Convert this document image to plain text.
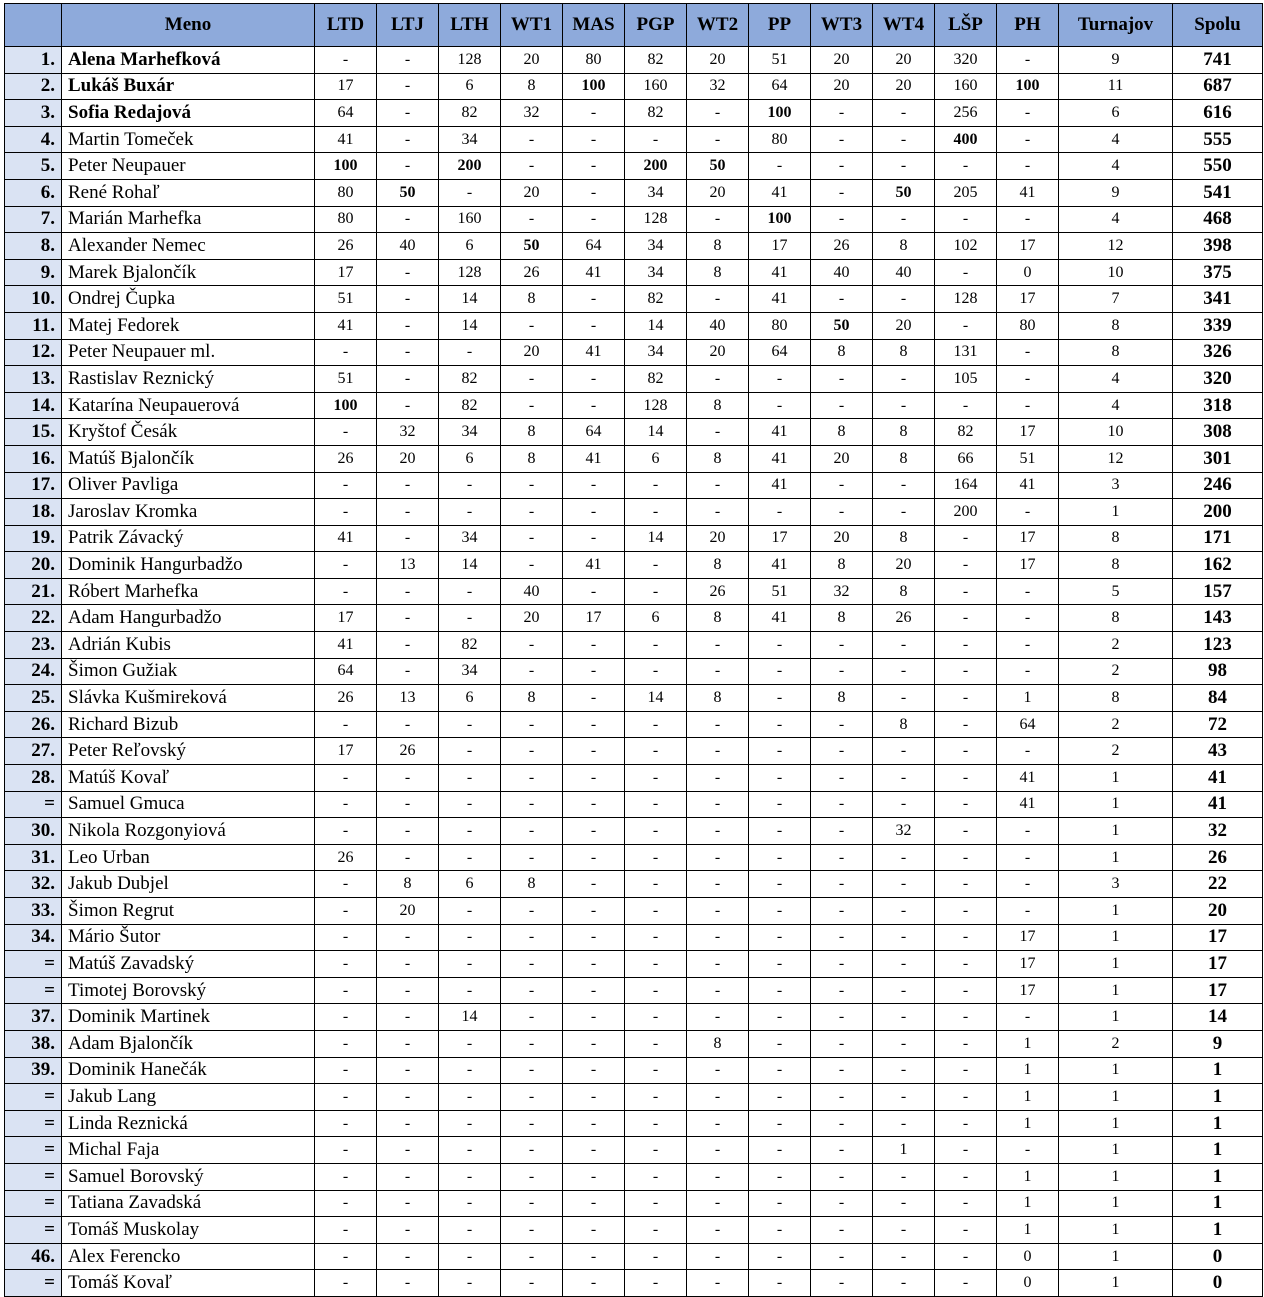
	Meno	LTD	LTJ	LTH	WT1	MAS	PGP	WT2	PP	WT3	WT4	LŠP	PH	Turnajov	Spolu
1.	Alena Marhefková	-	-	128	20	80	82	20	51	20	20	320	-	9	741
2.	Lukáš Buxár	17	-	6	8	100	160	32	64	20	20	160	100	11	687
3.	Sofia Redajová	64	-	82	32	-	82	-	100	-	-	256	-	6	616
4.	Martin Tomeček	41	-	34	-	-	-	-	80	-	-	400	-	4	555
5.	Peter Neupauer	100	-	200	-	-	200	50	-	-	-	-	-	4	550
6.	René Rohaľ	80	50	-	20	-	34	20	41	-	50	205	41	9	541
7.	Marián Marhefka	80	-	160	-	-	128	-	100	-	-	-	-	4	468
8.	Alexander Nemec	26	40	6	50	64	34	8	17	26	8	102	17	12	398
9.	Marek Bjalončík	17	-	128	26	41	34	8	41	40	40	-	0	10	375
10.	Ondrej Čupka	51	-	14	8	-	82	-	41	-	-	128	17	7	341
11.	Matej Fedorek	41	-	14	-	-	14	40	80	50	20	-	80	8	339
12.	Peter Neupauer ml.	-	-	-	20	41	34	20	64	8	8	131	-	8	326
13.	Rastislav Reznický	51	-	82	-	-	82	-	-	-	-	105	-	4	320
14.	Katarína Neupauerová	100	-	82	-	-	128	8	-	-	-	-	-	4	318
15.	Kryštof Česák	-	32	34	8	64	14	-	41	8	8	82	17	10	308
16.	Matúš Bjalončík	26	20	6	8	41	6	8	41	20	8	66	51	12	301
17.	Oliver Pavliga	-	-	-	-	-	-	-	41	-	-	164	41	3	246
18.	Jaroslav Kromka	-	-	-	-	-	-	-	-	-	-	200	-	1	200
19.	Patrik Závacký	41	-	34	-	-	14	20	17	20	8	-	17	8	171
20.	Dominik Hangurbadžo	-	13	14	-	41	-	8	41	8	20	-	17	8	162
21.	Róbert Marhefka	-	-	-	40	-	-	26	51	32	8	-	-	5	157
22.	Adam Hangurbadžo	17	-	-	20	17	6	8	41	8	26	-	-	8	143
23.	Adrián Kubis	41	-	82	-	-	-	-	-	-	-	-	-	2	123
24.	Šimon Gužiak	64	-	34	-	-	-	-	-	-	-	-	-	2	98
25.	Slávka Kušmireková	26	13	6	8	-	14	8	-	8	-	-	1	8	84
26.	Richard Bizub	-	-	-	-	-	-	-	-	-	8	-	64	2	72
27.	Peter Reľovský	17	26	-	-	-	-	-	-	-	-	-	-	2	43
28.	Matúš Kovaľ	-	-	-	-	-	-	-	-	-	-	-	41	1	41
=	Samuel Gmuca	-	-	-	-	-	-	-	-	-	-	-	41	1	41
30.	Nikola Rozgonyiová	-	-	-	-	-	-	-	-	-	32	-	-	1	32
31.	Leo Urban	26	-	-	-	-	-	-	-	-	-	-	-	1	26
32.	Jakub Dubjel	-	8	6	8	-	-	-	-	-	-	-	-	3	22
33.	Šimon Regrut	-	20	-	-	-	-	-	-	-	-	-	-	1	20
34.	Mário Šutor	-	-	-	-	-	-	-	-	-	-	-	17	1	17
=	Matúš Zavadský	-	-	-	-	-	-	-	-	-	-	-	17	1	17
=	Timotej Borovský	-	-	-	-	-	-	-	-	-	-	-	17	1	17
37.	Dominik Martinek	-	-	14	-	-	-	-	-	-	-	-	-	1	14
38.	Adam Bjalončík	-	-	-	-	-	-	8	-	-	-	-	1	2	9
39.	Dominik Hanečák	-	-	-	-	-	-	-	-	-	-	-	1	1	1
=	Jakub Lang	-	-	-	-	-	-	-	-	-	-	-	1	1	1
=	Linda Reznická	-	-	-	-	-	-	-	-	-	-	-	1	1	1
=	Michal Faja	-	-	-	-	-	-	-	-	-	1	-	-	1	1
=	Samuel Borovský	-	-	-	-	-	-	-	-	-	-	-	1	1	1
=	Tatiana Zavadská	-	-	-	-	-	-	-	-	-	-	-	1	1	1
=	Tomáš Muskolay	-	-	-	-	-	-	-	-	-	-	-	1	1	1
46.	Alex Ferencko	-	-	-	-	-	-	-	-	-	-	-	0	1	0
=	Tomáš Kovaľ	-	-	-	-	-	-	-	-	-	-	-	0	1	0
